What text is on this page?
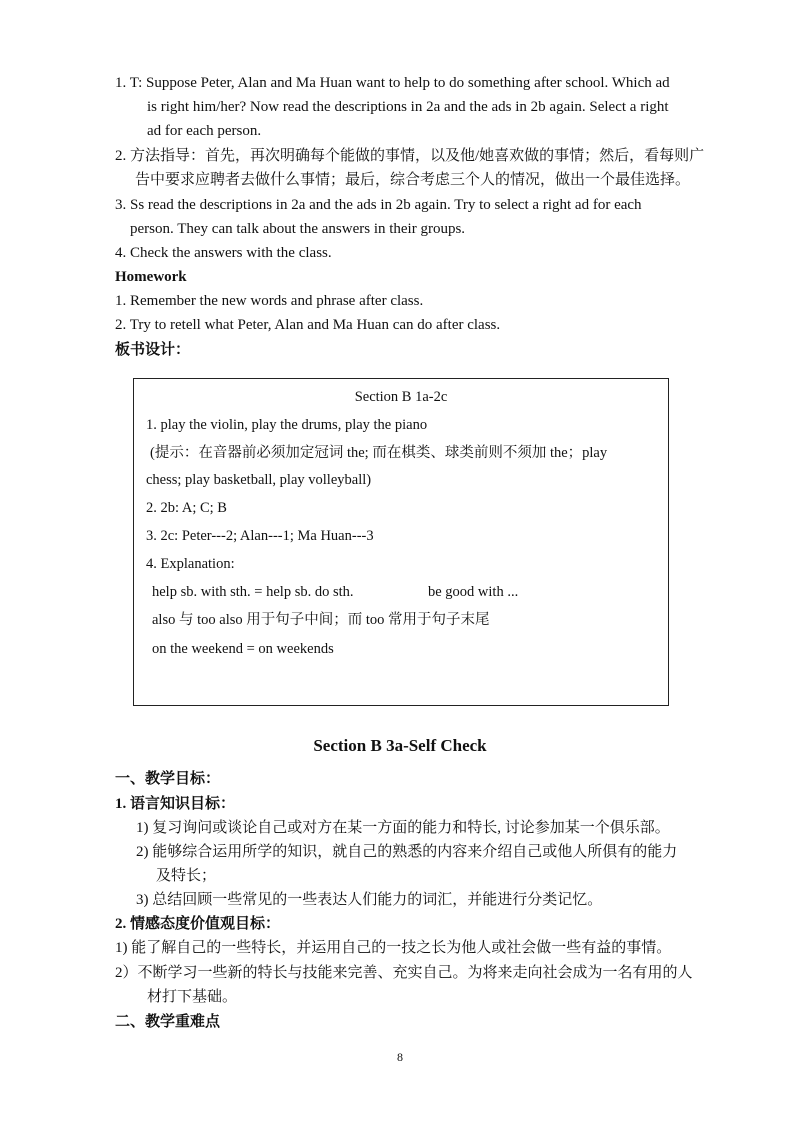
1. T: Suppose Peter, Alan and Ma Huan want to help to do something after school. Which ad
is right him/her? Now read the descriptions in 2a and the ads in 2b again. Select a right
ad for each person.
2. 方法指导：首先，再次明确每个能做的事情，以及他/她喜欢做的事情；然后，看每则广
告中要求应聘者去做什么事情；最后，综合考虑三个人的情况，做出一个最佳选择。
3. Ss read the descriptions in 2a and the ads in 2b again. Try to select a right ad for each
person. They can talk about the answers in their groups.
4. Check the answers with the class.
Homework
1. Remember the new words and phrase after class.
2. Try to retell what Peter, Alan and Ma Huan can do after class.
板书设计：
Section B 1a-2c
1. play the violin, play the drums, play the piano
(提示：在音器前必须加定冠词 the; 而在棋类、球类前则不须加 the；play
chess; play basketball, play volleyball)
2. 2b: A; C; B
3. 2c: Peter---2; Alan---1; Ma Huan---3
4. Explanation:
help sb. with sth. = help sb. do sth.	be good with ...
also 与 too also 用于句子中间；而 too 常用于句子末尾
on the weekend = on weekends
Section B 3a-Self Check
一、教学目标：
1. 语言知识目标：
1) 复习询问或谈论自己或对方在某一方面的能力和特长, 讨论参加某一个俱乐部。
2) 能够综合运用所学的知识，就自己的熟悉的内容来介绍自己或他人所俱有的能力
及特长；
3) 总结回顾一些常见的一些表达人们能力的词汇，并能进行分类记忆。
2. 情感态度价值观目标：
1) 能了解自己的一些特长，并运用自己的一技之长为他人或社会做一些有益的事情。
2）不断学习一些新的特长与技能来完善、充实自己。为将来走向社会成为一名有用的人
材打下基础。
二、教学重难点
8
